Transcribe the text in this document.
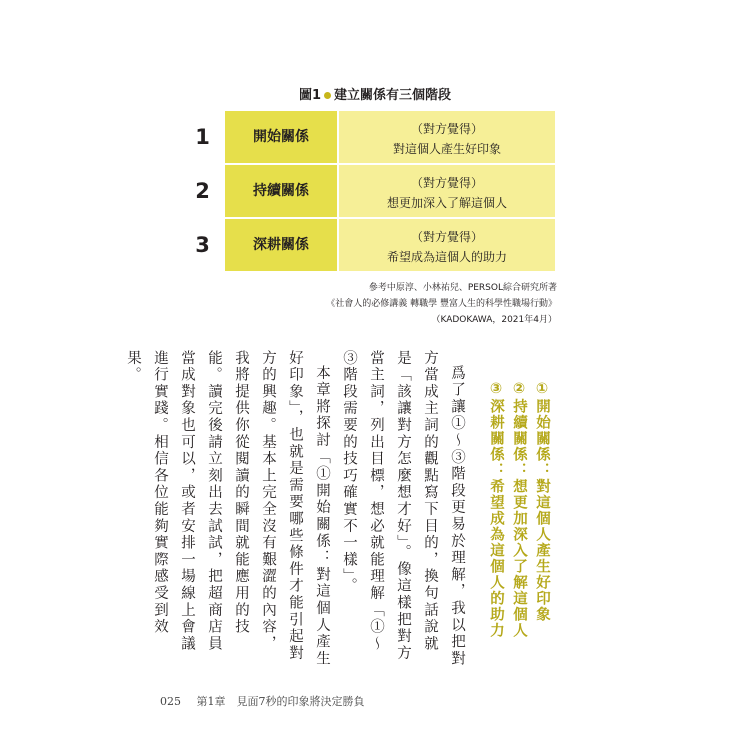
圖1 建立關係有三個階段
1	開始關係	（對方覺得）
對這個人產生好印象
2	持續關係	（對方覺得）
想更加深入了解這個人
3	深耕關係	（對方覺得）
希望成為這個人的助力
參考中原淳、小林祐兒、PERSOL綜合研究所著
《社會人的必修講義 轉職學 豐富人生的科學性職場行動》
（KADOKAWA，2021年4月）
①開始關係：對這個人產生好印象
②持續關係：想更加深入了解這個人
③深耕關係：希望成為這個人的助力

爲了讓①～③階段更易於理解，我以把對方當成主詞的觀點寫下目的，換句話說就是「該讓對方怎麼想才好」。像這樣把對方當主詞，列出目標，想必就能理解「①～③階段需要的技巧確實不一樣」。

本章將探討「①開始關係：對這個人產生好印象」，也就是需要哪些條件才能引起對方的興趣。基本上完全沒有艱澀的內容，我將提供你從閱讀的瞬間就能應用的技能。讀完後請立刻出去試試，把超商店員當成對象也可以，或者安排一場線上會議進行實踐。相信各位能夠實際感受到效果。

025 第1章　見面7秒的印象將決定勝負
